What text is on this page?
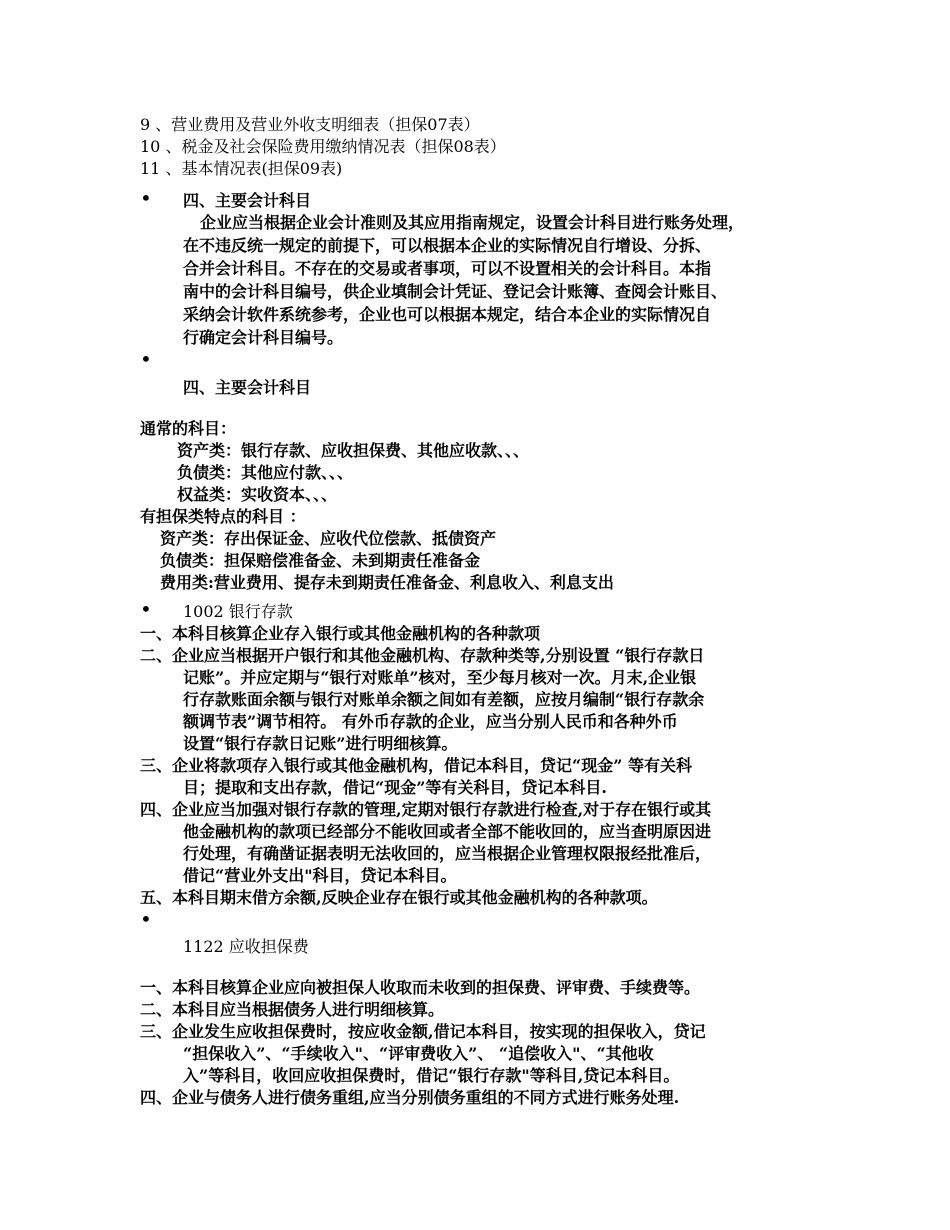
9 、营业费用及营业外收支明细表（担保07表）
10 、税金及社会保险费用缴纳情况表（担保08表）
11 、基本情况表(担保09表)
• 四、主要会计科目
企业应当根据企业会计准则及其应用指南规定，设置会计科目进行账务处理，
在不违反统一规定的前提下，可以根据本企业的实际情况自行增设、分拆、
合并会计科目。不存在的交易或者事项，可以不设置相关的会计科目。本指
南中的会计科目编号，供企业填制会计凭证、登记会计账簿、查阅会计账目、
采纳会计软件系统参考，企业也可以根据本规定，结合本企业的实际情况自
行确定会计科目编号。
•
四、主要会计科目
通常的科目：
资产类：银行存款、应收担保费、其他应收款、、、
负债类：其他应付款、、、
权益类：实收资本、、、
有担保类特点的科目 ：
资产类：存出保证金、应收代位偿款、抵债资产
负债类：担保赔偿准备金、未到期责任准备金
费用类:营业费用、提存未到期责任准备金、利息收入、利息支出
• 1002 银行存款
一、本科目核算企业存入银行或其他金融机构的各种款项
二、企业应当根据开户银行和其他金融机构、存款种类等,分别设置 “银行存款日
记账”。并应定期与“银行对账单”核对，至少每月核对一次。月末,企业银
行存款账面余额与银行对账单余额之间如有差额，应按月编制“银行存款余
额调节表”调节相符。 有外币存款的企业，应当分别人民币和各种外币
设置“银行存款日记账”进行明细核算。
三、企业将款项存入银行或其他金融机构，借记本科目，贷记“现金” 等有关科
目；提取和支出存款，借记“现金”等有关科目，贷记本科目.
四、企业应当加强对银行存款的管理,定期对银行存款进行检查,对于存在银行或其
他金融机构的款项已经部分不能收回或者全部不能收回的，应当查明原因进
行处理，有确凿证据表明无法收回的，应当根据企业管理权限报经批准后，
借记“营业外支出"科目，贷记本科目。
五、本科目期末借方余额,反映企业存在银行或其他金融机构的各种款项。
•
1122 应收担保费
一、本科目核算企业应向被担保人收取而未收到的担保费、评审费、手续费等。
二、本科目应当根据债务人进行明细核算。
三、企业发生应收担保费时，按应收金额,借记本科目，按实现的担保收入，贷记
“担保收入”、“手续收入"、“评审费收入”、 “追偿收入"、“其他收
入”等科目，收回应收担保费时，借记“银行存款"等科目,贷记本科目。
四、企业与债务人进行债务重组,应当分别债务重组的不同方式进行账务处理.
